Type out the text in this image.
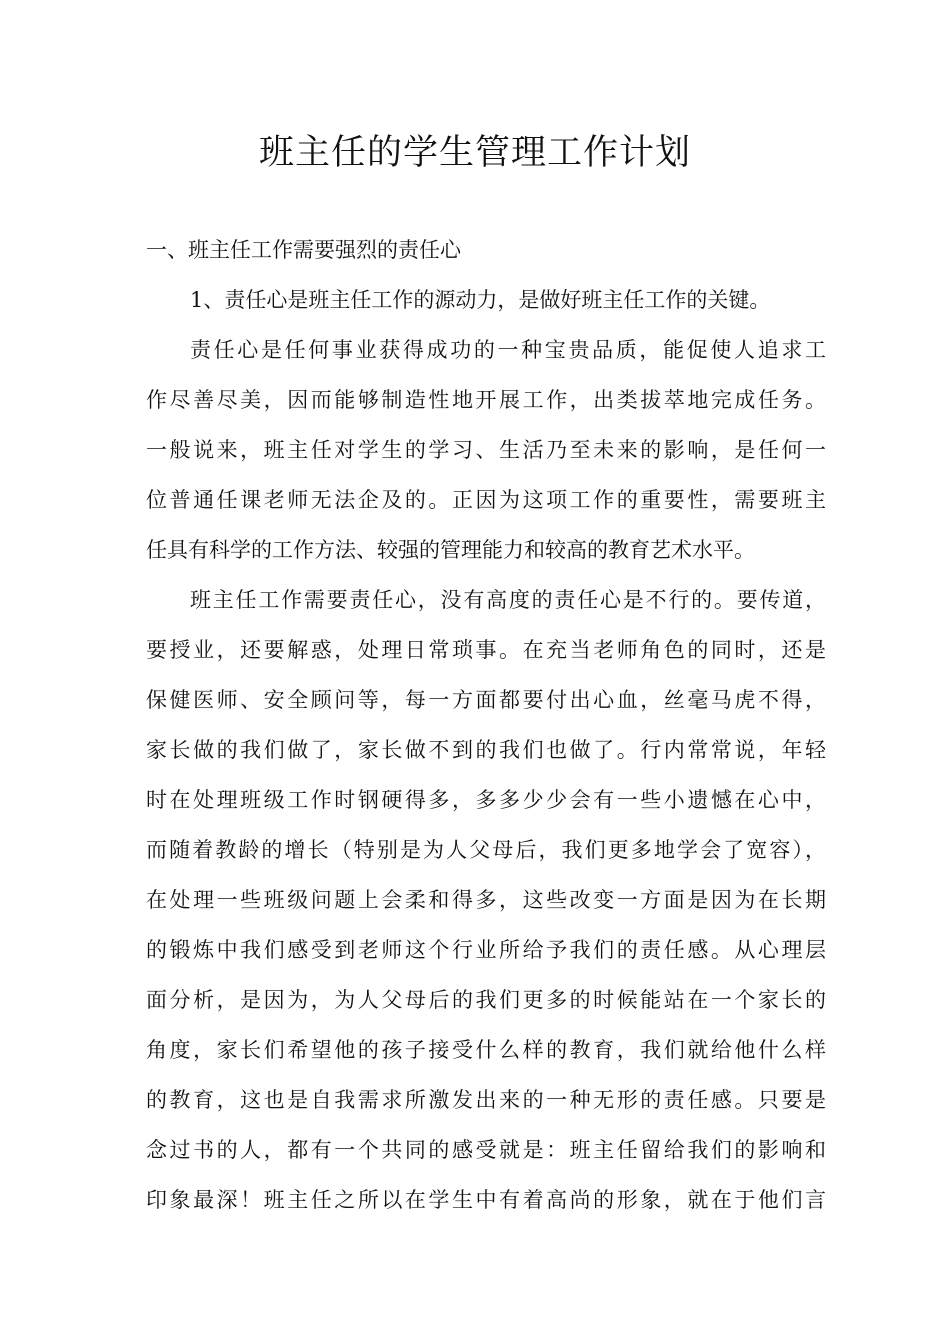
班主任的学生管理工作计划

一、班主任工作需要强烈的责任心

1、责任心是班主任工作的源动力，是做好班主任工作的关键。

责任心是任何事业获得成功的一种宝贵品质，能促使人追求工

作尽善尽美，因而能够制造性地开展工作，出类拔萃地完成任务。

一般说来，班主任对学生的学习、生活乃至未来的影响，是任何一

位普通任课老师无法企及的。正因为这项工作的重要性，需要班主

任具有科学的工作方法、较强的管理能力和较高的教育艺术水平。

班主任工作需要责任心，没有高度的责任心是不行的。要传道，

要授业，还要解惑，处理日常琐事。在充当老师角色的同时，还是

保健医师、安全顾问等，每一方面都要付出心血，丝毫马虎不得，

家长做的我们做了，家长做不到的我们也做了。行内常常说，年轻

时在处理班级工作时钢硬得多，多多少少会有一些小遗憾在心中，

而随着教龄的增长（特别是为人父母后，我们更多地学会了宽容），

在处理一些班级问题上会柔和得多，这些改变一方面是因为在长期

的锻炼中我们感受到老师这个行业所给予我们的责任感。从心理层

面分析，是因为，为人父母后的我们更多的时候能站在一个家长的

角度，家长们希望他的孩子接受什么样的教育，我们就给他什么样

的教育，这也是自我需求所激发出来的一种无形的责任感。只要是

念过书的人，都有一个共同的感受就是：班主任留给我们的影响和

印象最深！班主任之所以在学生中有着高尚的形象，就在于他们言
